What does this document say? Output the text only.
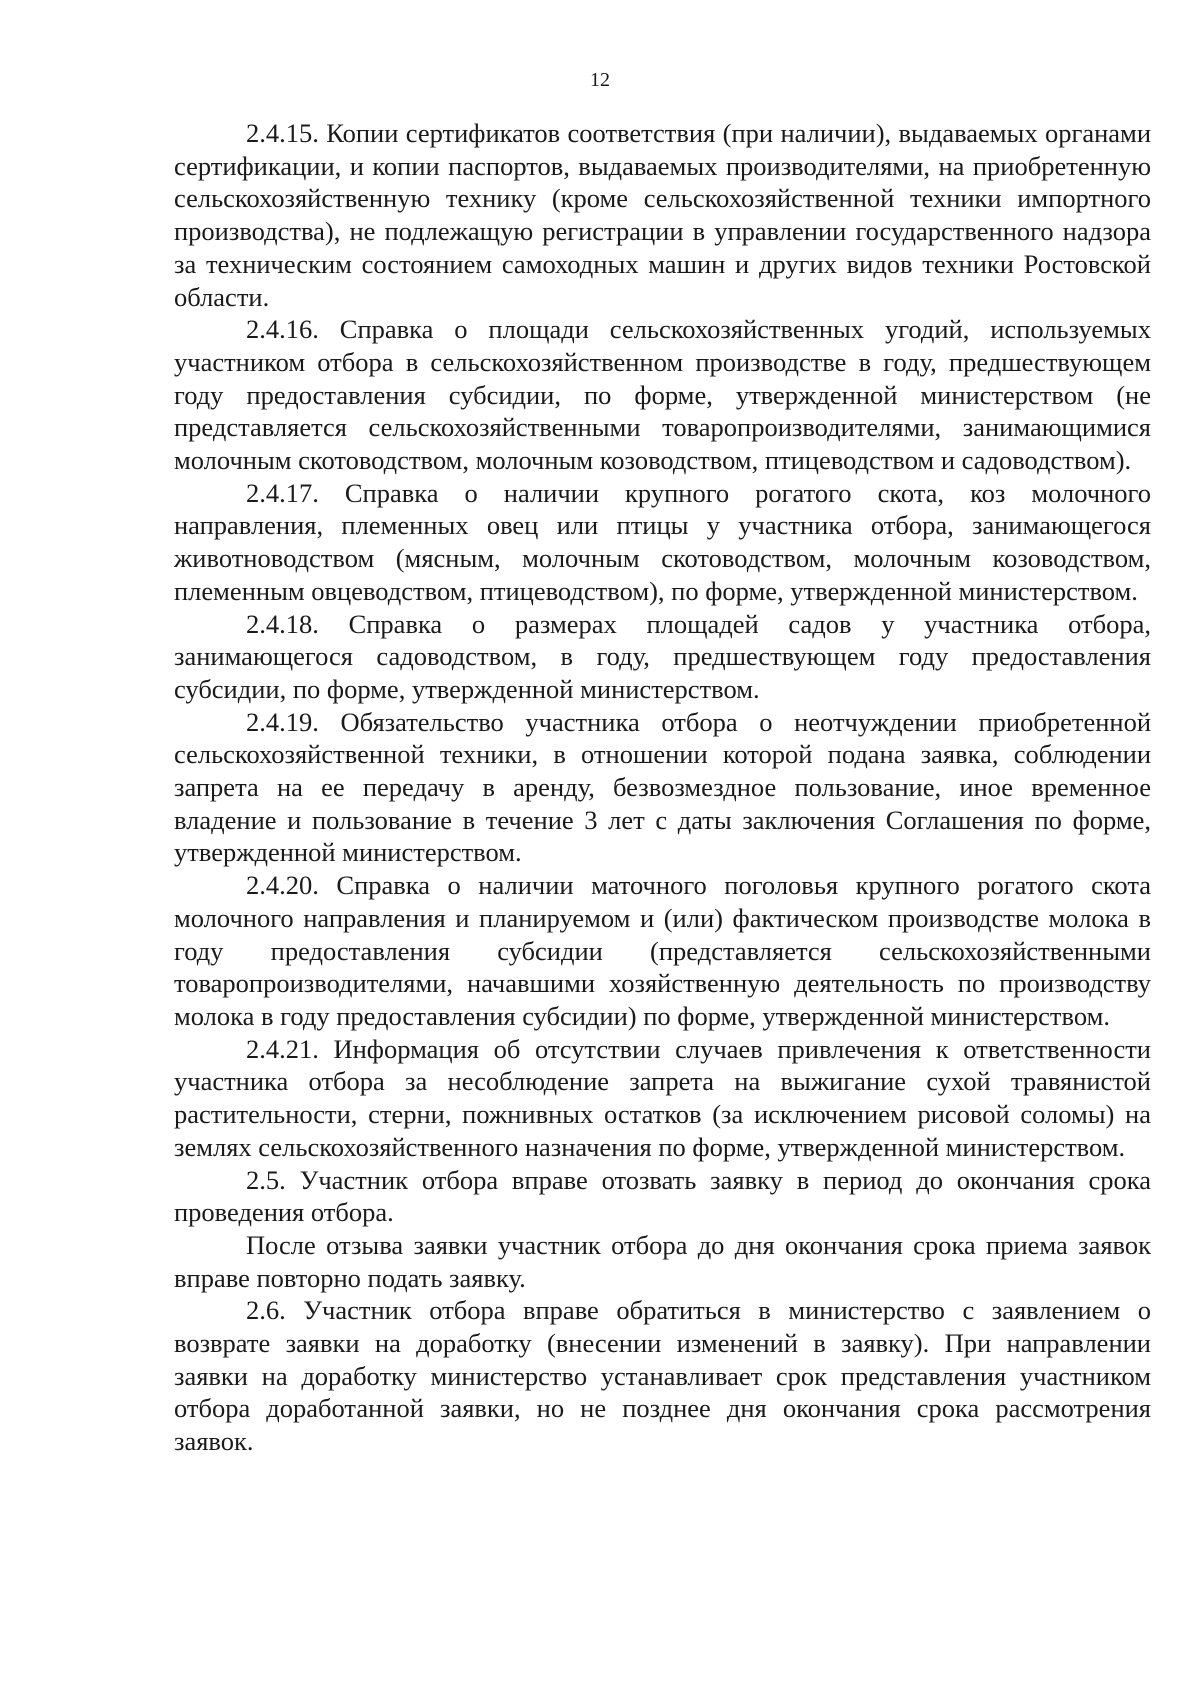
12

2.4.15. Копии сертификатов соответствия (при наличии), выдаваемых органами сертификации, и копии паспортов, выдаваемых производителями, на приобретенную сельскохозяйственную технику (кроме сельскохозяйственной техники импортного производства), не подлежащую регистрации в управлении государственного надзора за техническим состоянием самоходных машин и других видов техники Ростовской области.

2.4.16. Справка о площади сельскохозяйственных угодий, используемых участником отбора в сельскохозяйственном производстве в году, предшествующем году предоставления субсидии, по форме, утвержденной министерством (не представляется сельскохозяйственными товаропроизводителями, занимающимися молочным скотоводством, молочным козоводством, птицеводством и садоводством).

2.4.17. Справка о наличии крупного рогатого скота, коз молочного направления, племенных овец или птицы у участника отбора, занимающегося животноводством (мясным, молочным скотоводством, молочным козоводством, племенным овцеводством, птицеводством), по форме, утвержденной министерством.

2.4.18. Справка о размерах площадей садов у участника отбора, занимающегося садоводством, в году, предшествующем году предоставления субсидии, по форме, утвержденной министерством.

2.4.19. Обязательство участника отбора о неотчуждении приобретенной сельскохозяйственной техники, в отношении которой подана заявка, соблюдении запрета на ее передачу в аренду, безвозмездное пользование, иное временное владение и пользование в течение 3 лет с даты заключения Соглашения по форме, утвержденной министерством.

2.4.20. Справка о наличии маточного поголовья крупного рогатого скота молочного направления и планируемом и (или) фактическом производстве молока в году предоставления субсидии (представляется сельскохозяйственными товаропроизводителями, начавшими хозяйственную деятельность по производству молока в году предоставления субсидии) по форме, утвержденной министерством.

2.4.21. Информация об отсутствии случаев привлечения к ответственности участника отбора за несоблюдение запрета на выжигание сухой травянистой растительности, стерни, пожнивных остатков (за исключением рисовой соломы) на землях сельскохозяйственного назначения по форме, утвержденной министерством.

2.5. Участник отбора вправе отозвать заявку в период до окончания срока проведения отбора.

После отзыва заявки участник отбора до дня окончания срока приема заявок вправе повторно подать заявку.

2.6. Участник отбора вправе обратиться в министерство с заявлением о возврате заявки на доработку (внесении изменений в заявку). При направлении заявки на доработку министерство устанавливает срок представления участником отбора доработанной заявки, но не позднее дня окончания срока рассмотрения заявок.
